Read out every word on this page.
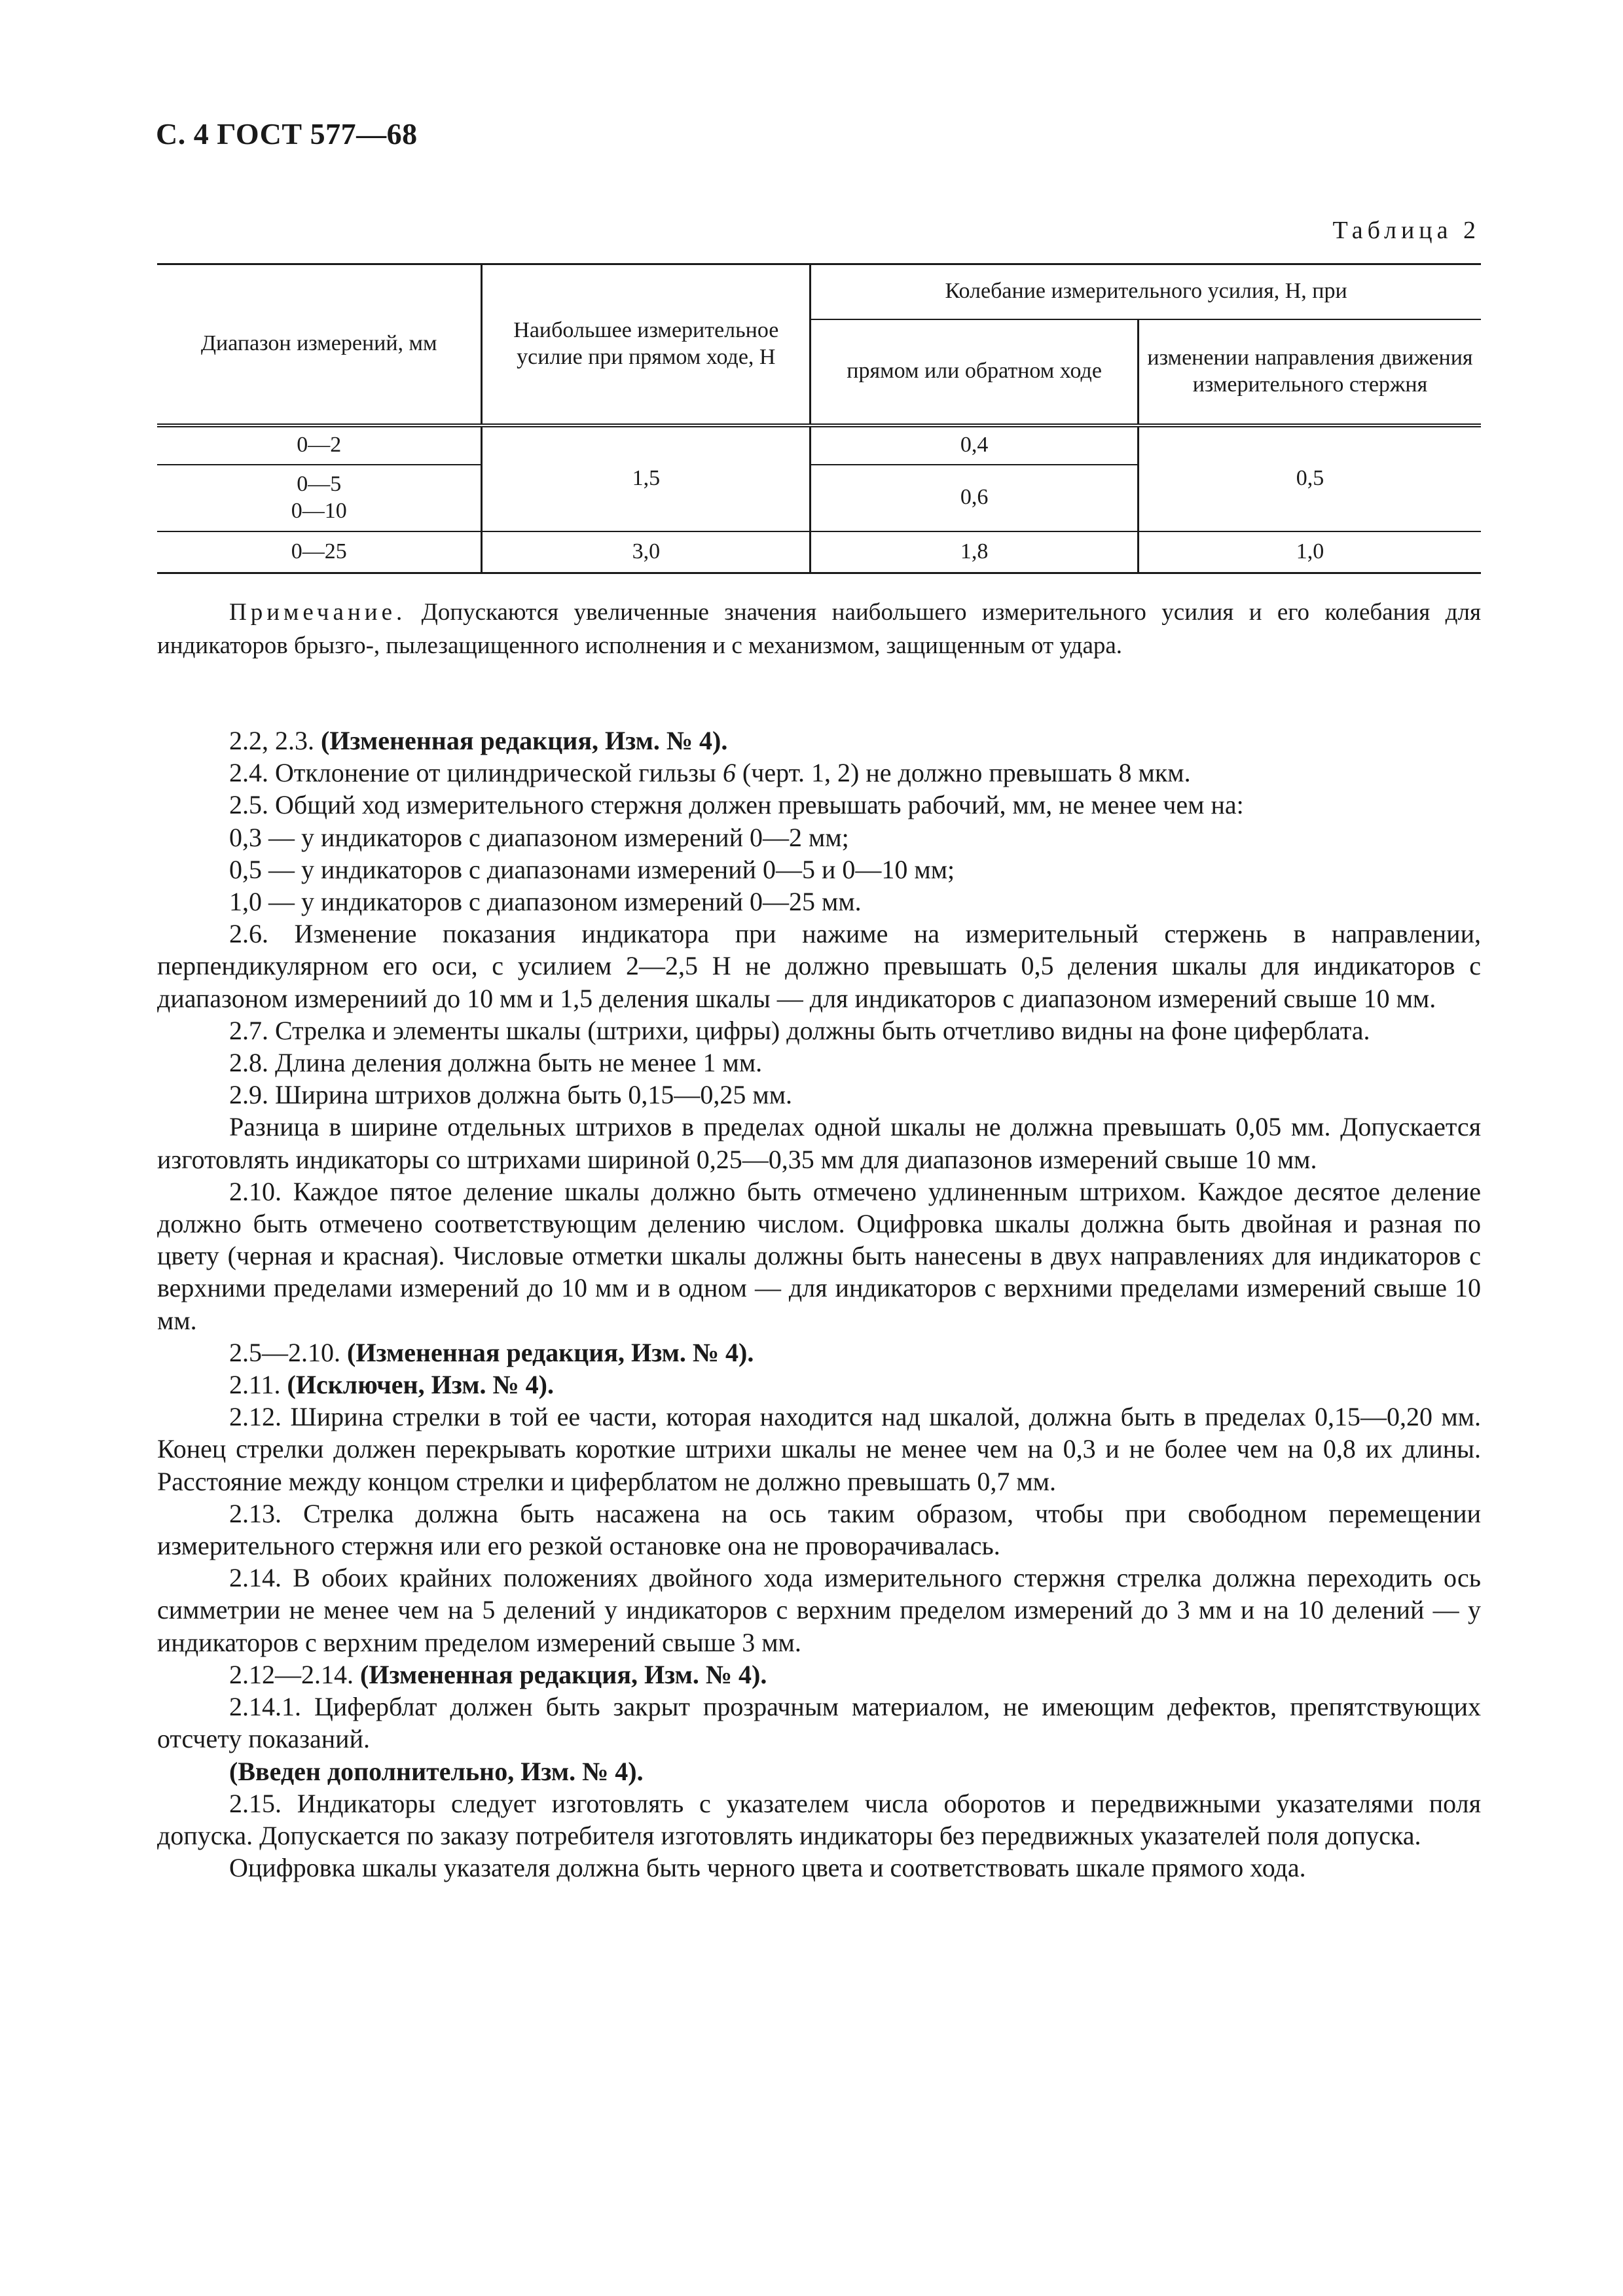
С. 4 ГОСТ 577—68
Таблица 2
Диапазон измерений, мм	Наибольшее измерительное усилие при прямом ходе, Н	Колебание измерительного усилия, Н, при	
		прямом или обратном ходе	изменении направления движения измерительного стержня
0—2	1,5	0,4	0,5

0—5
0—10		0,6	
0—25	3,0	1,8	1,0
Примечание. Допускаются увеличенные значения наибольшего измерительного усилия и его колебания для индикаторов брызго-, пылезащищенного исполнения и с механизмом, защищенным от удара.

2.2, 2.3. (Измененная редакция, Изм. № 4).

2.4. Отклонение от цилиндрической гильзы 6 (черт. 1, 2) не должно превышать 8 мкм.

2.5. Общий ход измерительного стержня должен превышать рабочий, мм, не менее чем на:

0,3 — у индикаторов с диапазоном измерений 0—2 мм;

0,5 — у индикаторов с диапазонами измерений 0—5 и 0—10 мм;

1,0 — у индикаторов с диапазоном измерений 0—25 мм.

2.6. Изменение показания индикатора при нажиме на измерительный стержень в направлении, перпендикулярном его оси, с усилием 2—2,5 Н не должно превышать 0,5 деления шкалы для индикаторов с диапазоном измерениий до 10 мм и 1,5 деления шкалы — для индикаторов с диапазоном измерений свыше 10 мм.

2.7. Стрелка и элементы шкалы (штрихи, цифры) должны быть отчетливо видны на фоне циферблата.

2.8. Длина деления должна быть не менее 1 мм.

2.9. Ширина штрихов должна быть 0,15—0,25 мм.

Разница в ширине отдельных штрихов в пределах одной шкалы не должна превышать 0,05 мм. Допускается изготовлять индикаторы со штрихами шириной 0,25—0,35 мм для диапазонов измерений свыше 10 мм.

2.10. Каждое пятое деление шкалы должно быть отмечено удлиненным штрихом. Каждое десятое деление должно быть отмечено соответствующим делению числом. Оцифровка шкалы должна быть двойная и разная по цвету (черная и красная). Числовые отметки шкалы должны быть нанесены в двух направлениях для индикаторов с верхними пределами измерений до 10 мм и в одном — для индикаторов с верхними пределами измерений свыше 10 мм.

2.5—2.10. (Измененная редакция, Изм. № 4).

2.11. (Исключен, Изм. № 4).

2.12. Ширина стрелки в той ее части, которая находится над шкалой, должна быть в пределах 0,15—0,20 мм. Конец стрелки должен перекрывать короткие штрихи шкалы не менее чем на 0,3 и не более чем на 0,8 их длины. Расстояние между концом стрелки и циферблатом не должно превышать 0,7 мм.

2.13. Стрелка должна быть насажена на ось таким образом, чтобы при свободном перемещении измерительного стержня или его резкой остановке она не проворачивалась.

2.14. В обоих крайних положениях двойного хода измерительного стержня стрелка должна переходить ось симметрии не менее чем на 5 делений у индикаторов с верхним пределом измерений до 3 мм и на 10 делений — у индикаторов с верхним пределом измерений свыше 3 мм.

2.12—2.14. (Измененная редакция, Изм. № 4).

2.14.1. Циферблат должен быть закрыт прозрачным материалом, не имеющим дефектов, препятствующих отсчету показаний.

(Введен дополнительно, Изм. № 4).

2.15. Индикаторы следует изготовлять с указателем числа оборотов и передвижными указателями поля допуска. Допускается по заказу потребителя изготовлять индикаторы без передвижных указателей поля допуска.

Оцифровка шкалы указателя должна быть черного цвета и соответствовать шкале прямого хода.
